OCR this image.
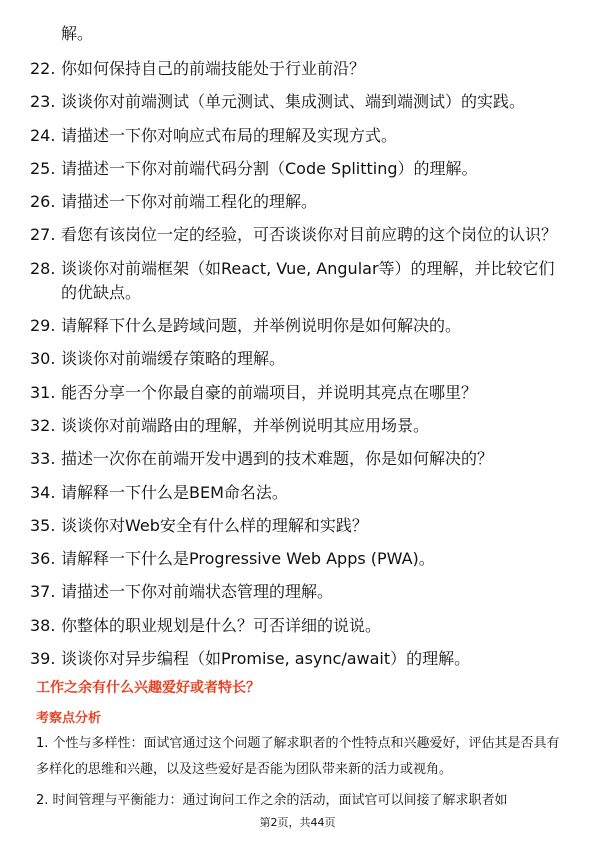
解。
22. 你如何保持自己的前端技能处于行业前沿？
23. 谈谈你对前端测试（单元测试、集成测试、端到端测试）的实践。
24. 请描述一下你对响应式布局的理解及实现方式。
25. 请描述一下你对前端代码分割（Code Splitting）的理解。
26. 请描述一下你对前端工程化的理解。
27. 看您有该岗位一定的经验，可否谈谈你对目前应聘的这个岗位的认识？
28. 谈谈你对前端框架（如React, Vue, Angular等）的理解，并比较它们的优缺点。
29. 请解释下什么是跨域问题，并举例说明你是如何解决的。
30. 谈谈你对前端缓存策略的理解。
31. 能否分享一个你最自豪的前端项目，并说明其亮点在哪里？
32. 谈谈你对前端路由的理解，并举例说明其应用场景。
33. 描述一次你在前端开发中遇到的技术难题，你是如何解决的？
34. 请解释一下什么是BEM命名法。
35. 谈谈你对Web安全有什么样的理解和实践？
36. 请解释一下什么是Progressive Web Apps (PWA)。
37. 请描述一下你对前端状态管理的理解。
38. 你整体的职业规划是什么？可否详细的说说。
39. 谈谈你对异步编程（如Promise, async/await）的理解。
工作之余有什么兴趣爱好或者特长？
考察点分析
1. 个性与多样性：面试官通过这个问题了解求职者的个性特点和兴趣爱好，评估其是否具有多样化的思维和兴趣，以及这些爱好是否能为团队带来新的活力或视角。
2. 时间管理与平衡能力：通过询问工作之余的活动，面试官可以间接了解求职者如
第2页，共44页
